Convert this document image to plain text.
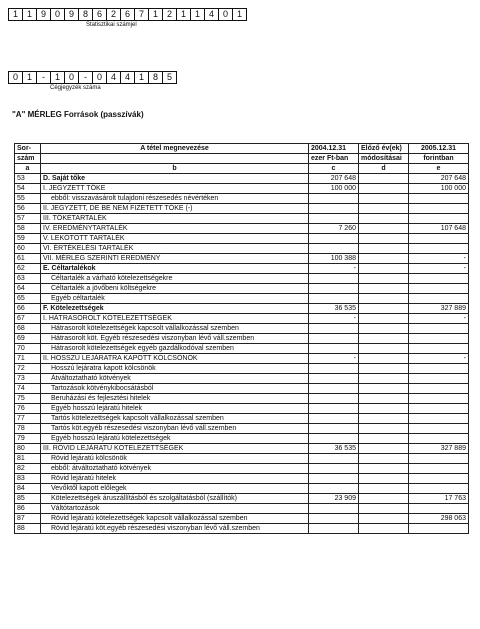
1 1 9 0 9 8 6 2 6 7 1 2 1 1 4 0 1
Statisztikai számjel
0 1	-	1 0	-	0 4 4 1 8 5
Cégjegyzék száma
"A" MÉRLEG Források (passzívák)
Sor-	A tétel megnevezése	2004.12.31	Előző év(ek)	2005.12.31
szám		ezer Ft-ban	módosításai	forintban
a	b	c	d	e
53	D. Saját tőke	207 648		207 648
54	I. JEGYZETT TŐKE	100 000		100 000
55	ebből: visszavásárolt tulajdoni részesedés névértéken			
56	II. JEGYZETT, DE BE NEM FIZETETT TŐKE (-)			
57	III. TŐKETARTALÉK			
58	IV. EREDMÉNYTARTALÉK	7 260		107 648
59	V. LEKÖTÖTT TARTALÉK			
60	VI. ÉRTÉKELÉSI TARTALÉK			
61	VII. MÉRLEG SZERINTI EREDMÉNY	100 388		-
62	E. Céltartalékok	-		-
63	Céltartalék a várható kötelezettségekre			
64	Céltartalék a jövőbeni költségekre			
65	Egyéb céltartalék			
66	F. Kötelezettségek	36 535		327 889
67	I. HÁTRASOROLT KÖTELEZETTSÉGEK	-		-
68	Hátrasorolt kötelezettségek kapcsolt vállalkozással szemben			
69	Hátrasorolt köt. Egyéb részesedési viszonyban lévő váll.szemben			
70	Hátrasorolt kötelezettségek egyéb gazdálkodóval szemben			
71	II. HOSSZÚ LEJÁRATRA KAPOTT KÖLCSÖNÖK	-		-
72	Hosszú lejáratra kapott kölcsönök			
73	Átváltoztatható kötvények			
74	Tartozások kötvénykibocsátásból			
75	Beruházási és fejlesztési hitelek			
76	Egyéb hosszú lejáratú hitelek			
77	Tartós kötelezettségek kapcsolt vállalkozással szemben			
78	Tartós köt.egyéb részesedési viszonyban lévő váll.szemben			
79	Egyéb hosszú lejáratú kötelezettségek			
80	III. RÖVID LEJÁRATÚ KÖTELEZETTSÉGEK	36 535		327 889
81	Rövid lejáratú kölcsönök			
82	ebből: átváltoztatható kötvények			
83	Rövid lejáratú hitelek			
84	Vevőktől kapott előlegek			
85	Kötelezettségek áruszállításból és szolgáltatásból (szállítók)	23 909		17 763
86	Váltótartozások			
87	Rövid lejáratú kötelezettségek kapcsolt vállalkozással szemben			298 063
88	Rövid lejáratú köt.egyéb részesedési viszonyban lévő váll.szemben			
